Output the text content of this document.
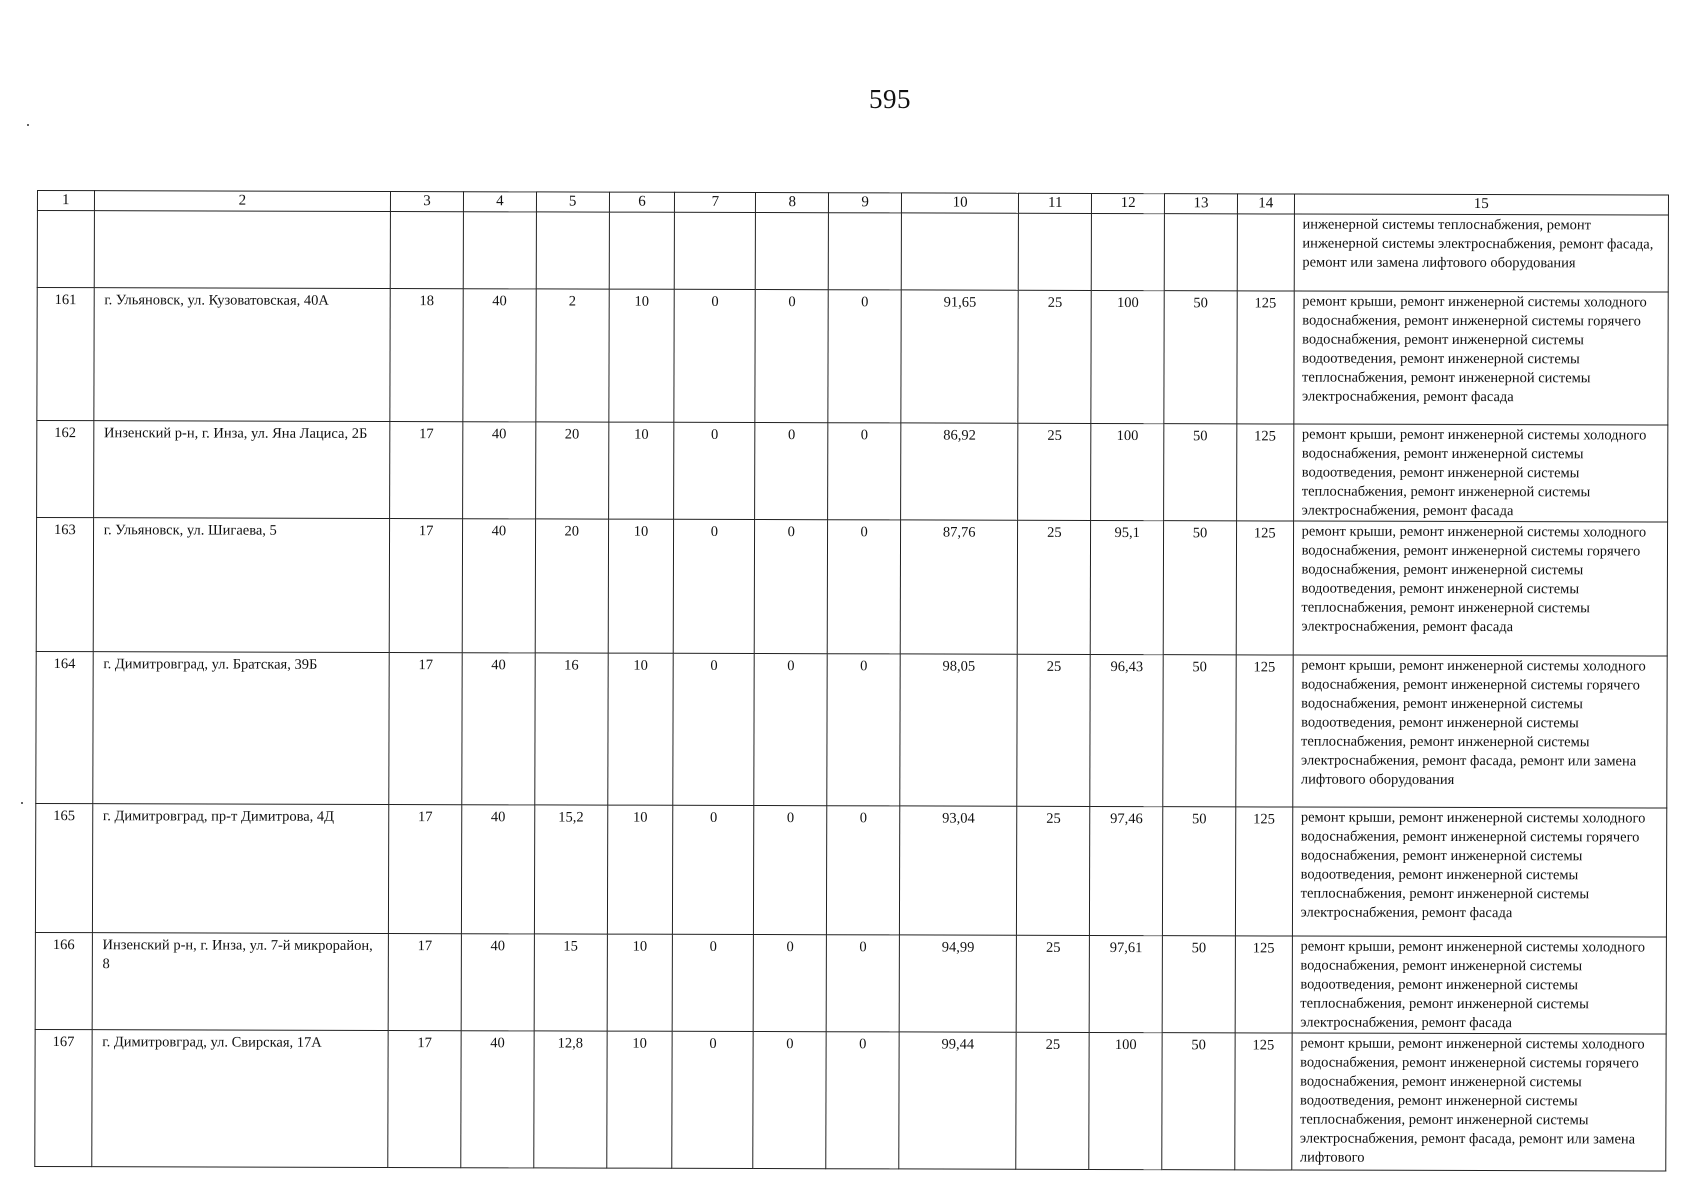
595
1	2	3	4	5	6	7	8	9	10	11	12	13	14	15
														инженерной системы теплоснабжения, ремонт инженерной системы электроснабжения, ремонт фасада, ремонт или замена лифтового оборудования
161	г. Ульяновск, ул. Кузоватовская, 40А	18	40	2	10	0	0	0	91,65	25	100	50	125	ремонт крыши, ремонт инженерной системы холодного водоснабжения, ремонт инженерной системы горячего водоснабжения, ремонт инженерной системы водоотведения, ремонт инженерной системы теплоснабжения, ремонт инженерной системы электроснабжения, ремонт фасада
162	Инзенский р-н, г. Инза, ул. Яна Лациса, 2Б	17	40	20	10	0	0	0	86,92	25	100	50	125	ремонт крыши, ремонт инженерной системы холодного водоснабжения, ремонт инженерной системы водоотведения, ремонт инженерной системы теплоснабжения, ремонт инженерной системы электроснабжения, ремонт фасада
163	г. Ульяновск, ул. Шигаева, 5	17	40	20	10	0	0	0	87,76	25	95,1	50	125	ремонт крыши, ремонт инженерной системы холодного водоснабжения, ремонт инженерной системы горячего водоснабжения, ремонт инженерной системы водоотведения, ремонт инженерной системы теплоснабжения, ремонт инженерной системы электроснабжения, ремонт фасада
164	г. Димитровград, ул. Братская, 39Б	17	40	16	10	0	0	0	98,05	25	96,43	50	125	ремонт крыши, ремонт инженерной системы холодного водоснабжения, ремонт инженерной системы горячего водоснабжения, ремонт инженерной системы водоотведения, ремонт инженерной системы теплоснабжения, ремонт инженерной системы электроснабжения, ремонт фасада, ремонт или замена лифтового оборудования
165	г. Димитровград, пр-т Димитрова, 4Д	17	40	15,2	10	0	0	0	93,04	25	97,46	50	125	ремонт крыши, ремонт инженерной системы холодного водоснабжения, ремонт инженерной системы горячего водоснабжения, ремонт инженерной системы водоотведения, ремонт инженерной системы теплоснабжения, ремонт инженерной системы электроснабжения, ремонт фасада
166	Инзенский р-н, г. Инза, ул. 7-й микрорайон, 8	17	40	15	10	0	0	0	94,99	25	97,61	50	125	ремонт крыши, ремонт инженерной системы холодного водоснабжения, ремонт инженерной системы водоотведения, ремонт инженерной системы теплоснабжения, ремонт инженерной системы электроснабжения, ремонт фасада
167	г. Димитровград, ул. Свирская, 17А	17	40	12,8	10	0	0	0	99,44	25	100	50	125	ремонт крыши, ремонт инженерной системы холодного водоснабжения, ремонт инженерной системы горячего водоснабжения, ремонт инженерной системы водоотведения, ремонт инженерной системы теплоснабжения, ремонт инженерной системы электроснабжения, ремонт фасада, ремонт или замена лифтового
